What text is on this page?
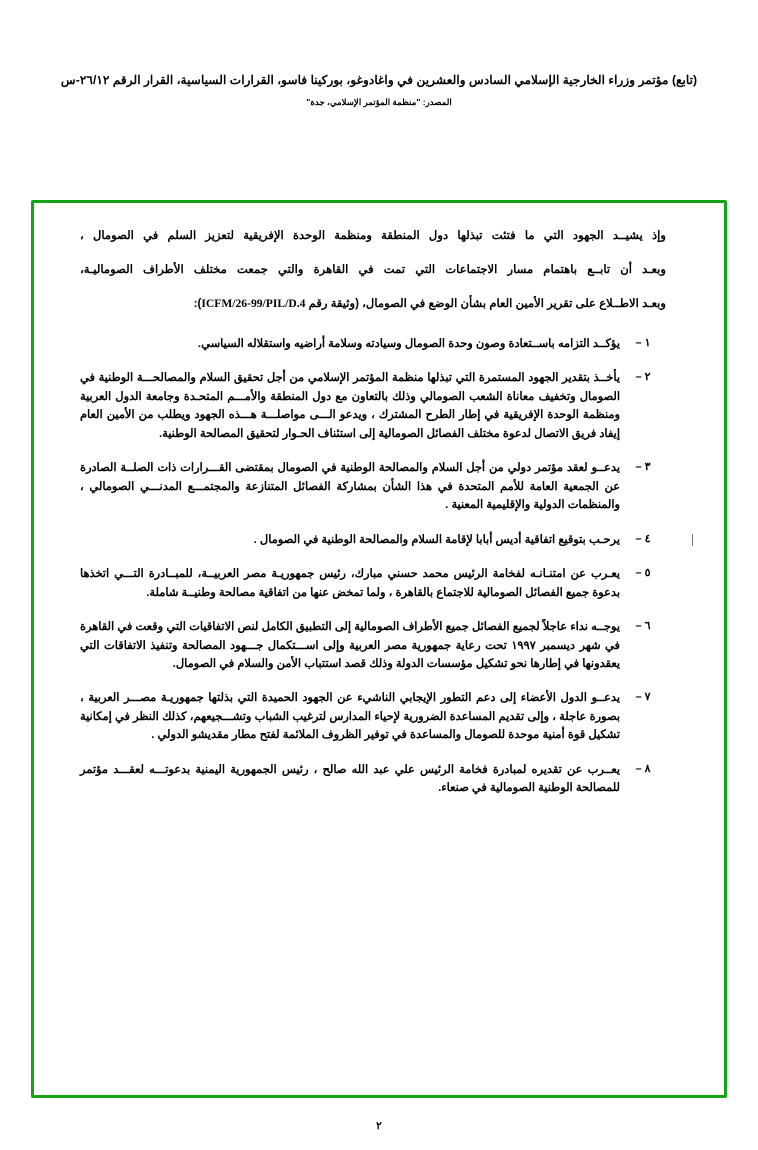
(تابع) مؤتمر وزراء الخارجية الإسلامي السادس والعشرين في واغادوغو، بوركينا فاسو، القرارات السياسية، القرار الرقم ٢٦/١٢-س
المصدر: "منظمة المؤتمر الإسلامي، جدة"
وإذ يشيــد الجهود التي ما فتئت تبذلها دول المنطقة ومنظمة الوحدة الإفريقية لتعزيز السلم في الصومال ،
وبعـد أن تابــع باهتمام مسار الاجتماعات التي تمت في القاهرة والتي جمعت مختلف الأطراف الصوماليـة،
وبعـد الاطــلاع على تقرير الأمين العام بشأن الوضع في الصومال، (وثيقة رقم ICFM/26-99/PIL/D.4):
١ –
يؤكــد التزامه باســتعادة وصون وحدة الصومال وسيادته وسلامة أراضيه واستقلاله السياسي.
٢ –
يأخــذ بتقدير الجهود المستمرة التي تبذلها منظمة المؤتمر الإسلامي من أجل تحقيق السلام والمصالحـــة الوطنية في الصومال وتخفيف معاناة الشعب الصومالي وذلك بالتعاون مع دول المنطقة والأمـــم المتحـدة وجامعة الدول العربية ومنظمة الوحدة الإفريقية في إطار الطرح المشترك ، ويدعو الـــى مواصلـــة هـــذه الجهود ويطلب من الأمين العام إيفاد فريق الاتصال لدعوة مختلف الفصائل الصومالية إلى استئناف الحـوار لتحقيق المصالحة الوطنية.
٣ –
يدعــو لعقد مؤتمر دولي من أجل السلام والمصالحة الوطنية في الصومال بمقتضى القـــرارات ذات الصلــة الصادرة عن الجمعية العامة للأمم المتحدة في هذا الشأن بمشاركة الفصائل المتنازعة والمجتمـــع المدنـــي الصومالي ، والمنظمات الدولية والإقليمية المعنية .
٤ –
يرحـب بتوقيع اتفاقية أديس أبابا لإقامة السلام والمصالحة الوطنية في الصومال .
٥ –
يعـرب عن امتنـانـه لفخامة الرئيس محمد حسني مبارك، رئيس جمهوريـة مصر العربيــة، للمبــادرة التـــي اتخذها بدعوة جميع الفصائل الصومالية للاجتماع بالقاهرة ، ولما تمخض عنها من اتفاقية مصالحة وطنيــة شاملة.
٦ –
يوجــه نداء عاجلاً لجميع الفصائل جميع الأطراف الصومالية إلى التطبيق الكامل لنص الاتفاقيات التي وقعت في القاهرة في شهر ديسمبر ١٩٩٧ تحت رعاية جمهورية مصر العربية وإلى اســـتكمال جـــهود المصالحة وتنفيذ الاتفاقات التي يعقدونها في إطارها نحو تشكيل مؤسسات الدولة وذلك قصد استتباب الأمن والسلام في الصومال.
٧ –
يدعــو الدول الأعضاء إلى دعم التطور الإيجابي الناشيء عن الجهود الحميدة التي بذلتها جمهوريـة مصـــر العربية ، بصورة عاجلة ، وإلى تقديم المساعدة الضرورية لإحياء المدارس لترغيب الشباب وتشـــجيعهم، كذلك النظر في إمكانية تشكيل قوة أمنية موحدة للصومال والمساعدة في توفير الظروف الملائمة لفتح مطار مقديشو الدولي .
٨ –
يعــرب عن تقديره لمبادرة فخامة الرئيس علي عبد الله صالح ، رئيس الجمهورية اليمنية بدعوتـــه لعقـــد مؤتمر للمصالحة الوطنية الصومالية في صنعاء.
٢
